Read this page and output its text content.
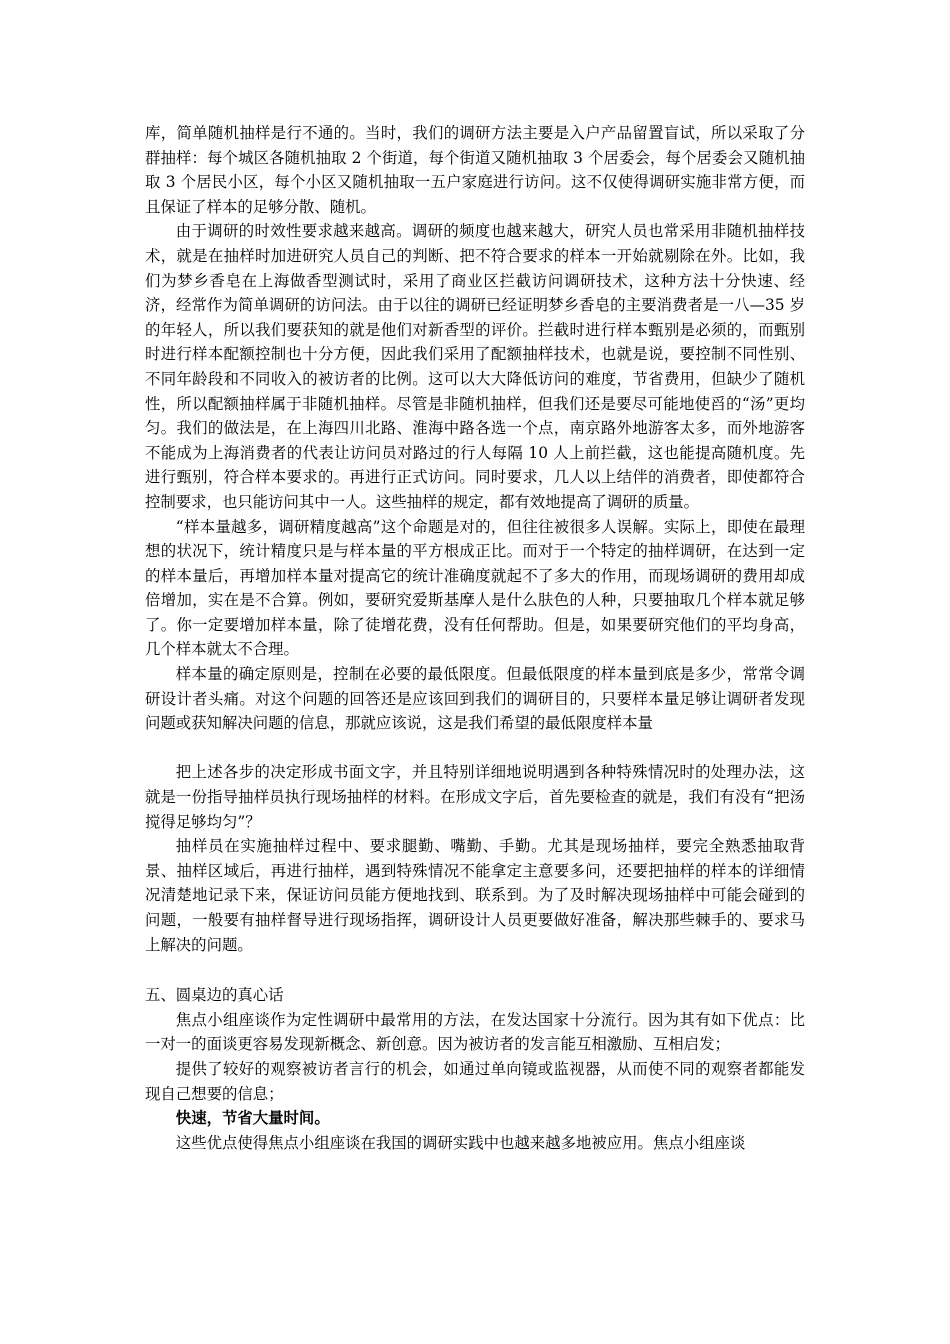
库，简单随机抽样是行不通的。当时，我们的调研方法主要是入户产品留置盲试，所以采取了分群抽样：每个城区各随机抽取 2 个街道，每个街道又随机抽取 3 个居委会，每个居委会又随机抽取 3 个居民小区，每个小区又随机抽取一五户家庭进行访问。这不仅使得调研实施非常方便，而且保证了样本的足够分散、随机。

由于调研的时效性要求越来越高。调研的频度也越来越大，研究人员也常采用非随机抽样技术，就是在抽样时加进研究人员自己的判断、把不符合要求的样本一开始就剔除在外。比如，我们为梦乡香皂在上海做香型测试时，采用了商业区拦截访问调研技术，这种方法十分快速、经济，经常作为简单调研的访问法。由于以往的调研已经证明梦乡香皂的主要消费者是一八—35 岁的年轻人，所以我们要获知的就是他们对新香型的评价。拦截时进行样本甄别是必须的，而甄别时进行样本配额控制也十分方便，因此我们采用了配额抽样技术，也就是说，要控制不同性别、不同年龄段和不同收入的被访者的比例。这可以大大降低访问的难度，节省费用，但缺少了随机性，所以配额抽样属于非随机抽样。尽管是非随机抽样，但我们还是要尽可能地使舀的“汤”更均匀。我们的做法是，在上海四川北路、淮海中路各选一个点，南京路外地游客太多，而外地游客不能成为上海消费者的代表让访问员对路过的行人每隔 10 人上前拦截，这也能提高随机度。先进行甄别，符合样本要求的。再进行正式访问。同时要求，几人以上结伴的消费者，即使都符合控制要求，也只能访问其中一人。这些抽样的规定，都有效地提高了调研的质量。

“样本量越多，调研精度越高”这个命题是对的，但往往被很多人误解。实际上，即使在最理想的状况下，统计精度只是与样本量的平方根成正比。而对于一个特定的抽样调研，在达到一定的样本量后，再增加样本量对提高它的统计准确度就起不了多大的作用，而现场调研的费用却成倍增加，实在是不合算。例如，要研究爱斯基摩人是什么肤色的人种，只要抽取几个样本就足够了。你一定要增加样本量，除了徒增花费，没有任何帮助。但是，如果要研究他们的平均身高，几个样本就太不合理。

样本量的确定原则是，控制在必要的最低限度。但最低限度的样本量到底是多少，常常令调研设计者头痛。对这个问题的回答还是应该回到我们的调研目的，只要样本量足够让调研者发现问题或获知解决问题的信息，那就应该说，这是我们希望的最低限度样本量

把上述各步的决定形成书面文字，并且特别详细地说明遇到各种特殊情况时的处理办法，这就是一份指导抽样员执行现场抽样的材料。在形成文字后，首先要检查的就是，我们有没有“把汤搅得足够均匀”？

抽样员在实施抽样过程中、要求腿勤、嘴勤、手勤。尤其是现场抽样，要完全熟悉抽取背景、抽样区域后，再进行抽样，遇到特殊情况不能拿定主意要多问，还要把抽样的样本的详细情况清楚地记录下来，保证访问员能方便地找到、联系到。为了及时解决现场抽样中可能会碰到的问题，一般要有抽样督导进行现场指挥，调研设计人员更要做好准备，解决那些棘手的、要求马上解决的问题。

五、圆桌边的真心话

焦点小组座谈作为定性调研中最常用的方法，在发达国家十分流行。因为其有如下优点：比一对一的面谈更容易发现新概念、新创意。因为被访者的发言能互相激励、互相启发；

提供了较好的观察被访者言行的机会，如通过单向镜或监视器，从而使不同的观察者都能发现自己想要的信息；

快速，节省大量时间。

这些优点使得焦点小组座谈在我国的调研实践中也越来越多地被应用。焦点小组座谈
